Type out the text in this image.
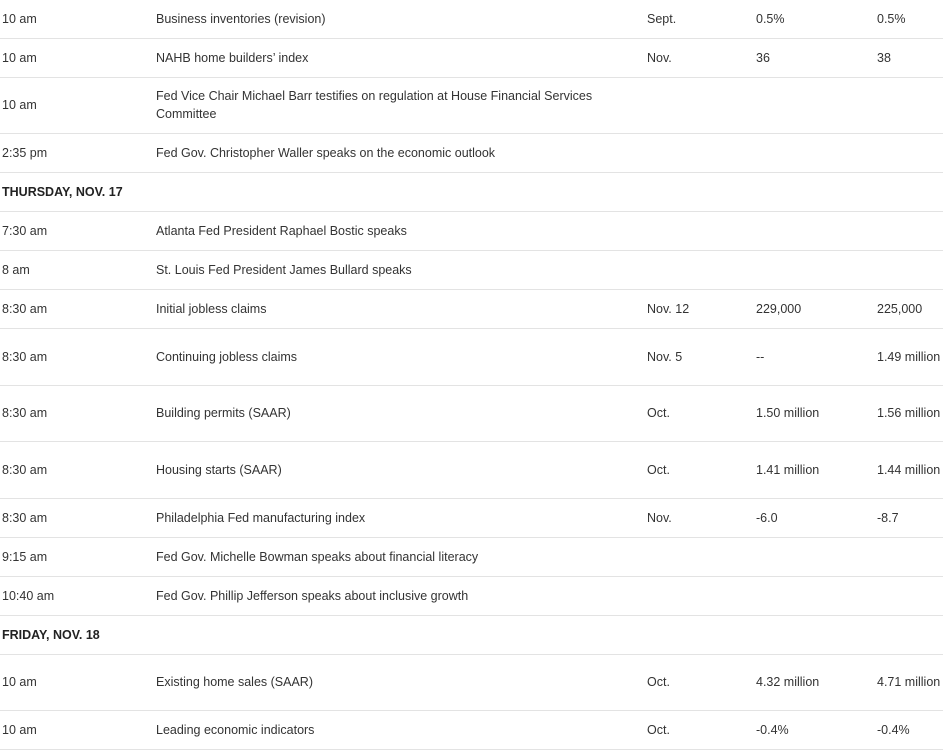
10 am	Business inventories (revision)	Sept.	0.5%	0.5%
10 am	NAHB home builders’ index	Nov.	36	38
10 am	Fed Vice Chair Michael Barr testifies on regulation at House Financial Services Committee			
2:35 pm	Fed Gov. Christopher Waller speaks on the economic outlook			
THURSDAY, NOV. 17				
7:30 am	Atlanta Fed President Raphael Bostic speaks			
8 am	St. Louis Fed President James Bullard speaks			
8:30 am	Initial jobless claims	Nov. 12	229,000	225,000
8:30 am	Continuing jobless claims	Nov. 5	--	1.49 million
8:30 am	Building permits (SAAR)	Oct.	1.50 million	1.56 million
8:30 am	Housing starts (SAAR)	Oct.	1.41 million	1.44 million
8:30 am	Philadelphia Fed manufacturing index	Nov.	-6.0	-8.7
9:15 am	Fed Gov. Michelle Bowman speaks about financial literacy			
10:40 am	Fed Gov. Phillip Jefferson speaks about inclusive growth			
FRIDAY, NOV. 18				
10 am	Existing home sales (SAAR)	Oct.	4.32 million	4.71 million
10 am	Leading economic indicators	Oct.	-0.4%	-0.4%
